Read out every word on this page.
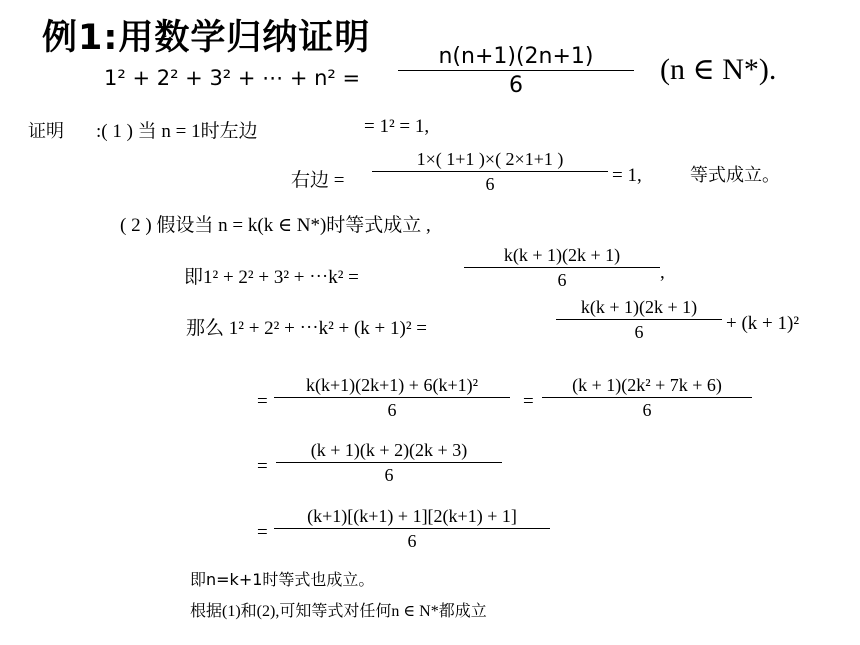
例1:用数学归纳证明
1² + 2² + 3² + ⋯ + $n^2 = \frac{n(n+1)(2n+1)}{6} (n$ ∈ N*).
证明 :( 1 ) 当 n = 1时左边	= 1² = 1,
右边 = $\frac{1\times( 1+1 )\times( 2\times 1+1 )}{6} = 1$,	等式成立。
( 2 ) 假设当 n = k(k ∈ N*)时等式成立 ,
即1² + 2² + 3² + ⋯k² =	$\frac{k(k + 1)(2k + 1)}{6}$ ,
那么 1² + 2² + ⋯k² + (k + 1)² =	$\frac{k(k + 1)(2k + 1)}{6} + (k + 1)^2$
= $\frac{\text{k(k+1)(2k+1) + 6(k+1)²}}{6} = \frac{\text{(k + 1)(2k² + 7k + 6)}}{6}$
= $\frac{(k + 1)(k + 2)(2k + 3)}{6}$
= $\frac{(k+1)[(k+1) + 1][2(k+1) + 1]}{6}$
即n=k+1时等式也成立。
根据(1)和(2),可知等式对任何n ∈ N*都成立
